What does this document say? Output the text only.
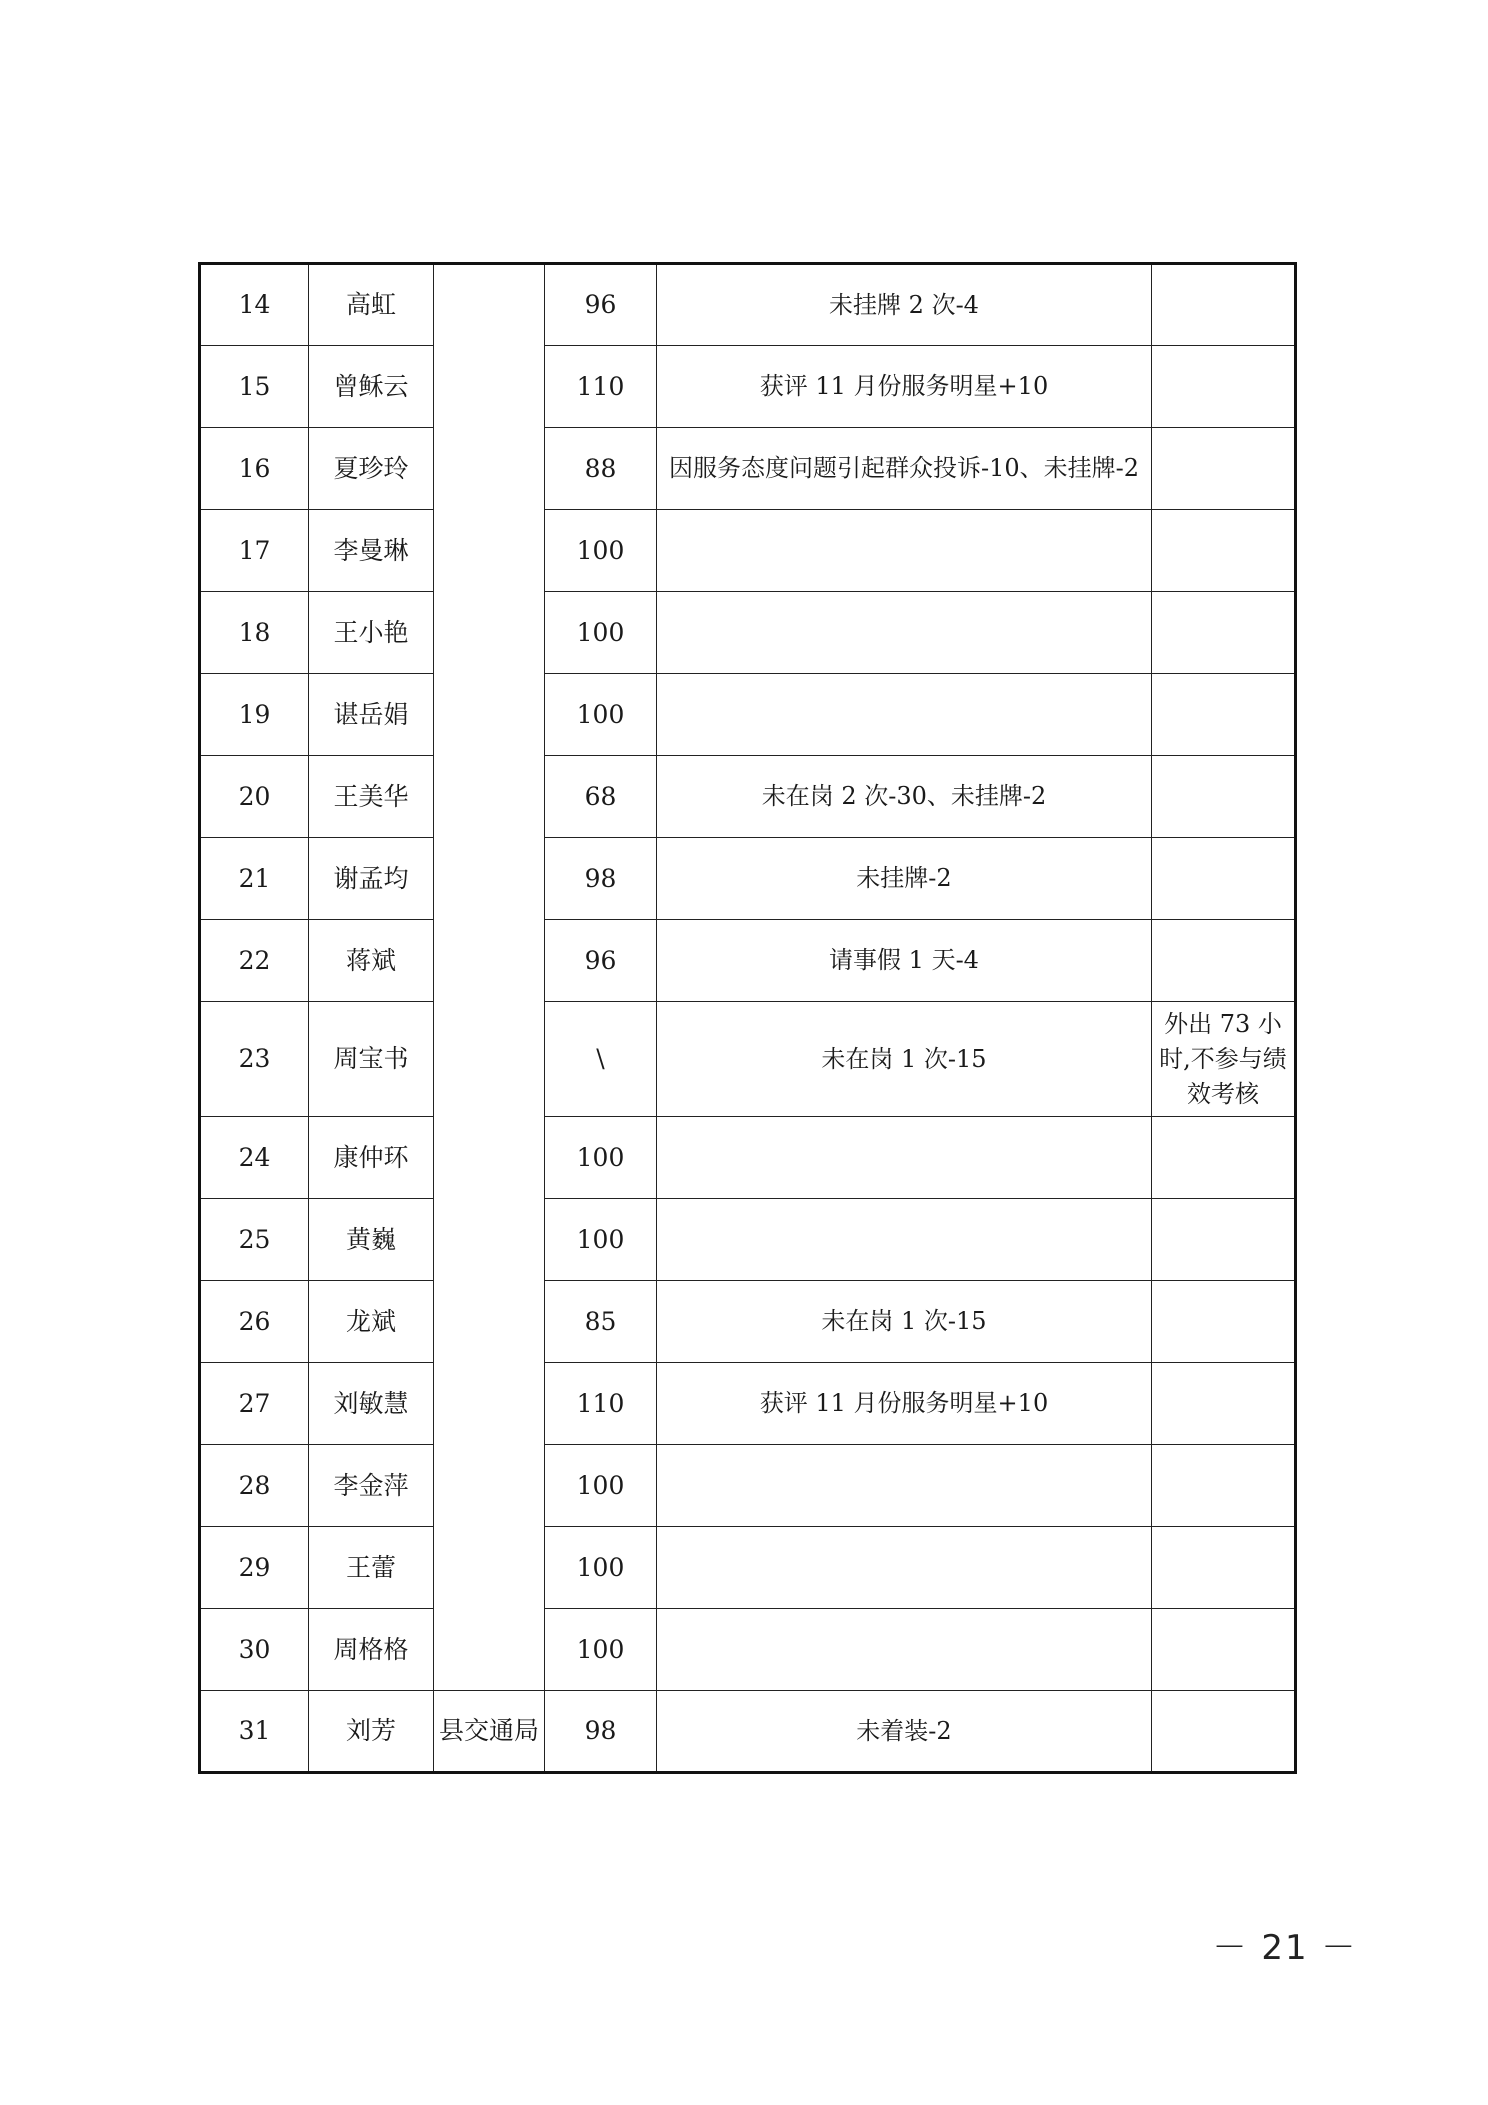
14	高虹		96	未挂牌 2 次-4	
15	曾稣云		110	获评 11 月份服务明星+10	
16	夏珍玲		88	因服务态度问题引起群众投诉-10、未挂牌-2	
17	李曼琳		100		
18	王小艳		100		
19	谌岳娟		100		
20	王美华		68	未在岗 2 次-30、未挂牌-2	
21	谢孟均		98	未挂牌-2	
22	蒋斌		96	请事假 1 天-4	
23	周宝书		\	未在岗 1 次-15	外出 73 小时,不参与绩效考核
24	康仲环		100		
25	黄巍		100		
26	龙斌		85	未在岗 1 次-15	
27	刘敏慧		110	获评 11 月份服务明星+10	
28	李金萍		100		
29	王蕾		100		
30	周格格		100		
31	刘芳	县交通局	98	未着装-2	
－ 21 －
